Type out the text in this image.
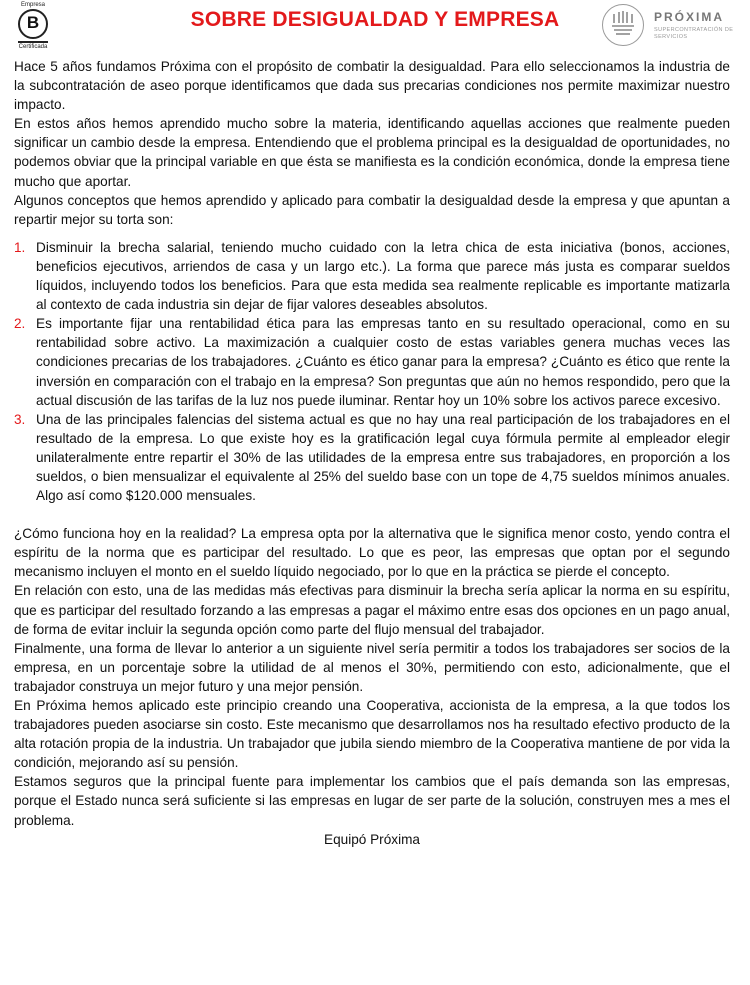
Empresa
B
Certificada
SOBRE DESIGUALDAD Y EMPRESA	PRÓXIMA
SUPERCONTRATACIÓN DE SERVICIOS

Hace 5 años fundamos Próxima con el propósito de combatir la desigualdad. Para ello seleccionamos la industria de la subcontratación de aseo porque identificamos que dada sus precarias condiciones nos permite maximizar nuestro impacto.

En estos años hemos aprendido mucho sobre la materia, identificando aquellas acciones que realmente pueden significar un cambio desde la empresa. Entendiendo que el problema principal es la desigualdad de oportunidades, no podemos obviar que la principal variable en que ésta se manifiesta es la condición económica, donde la empresa tiene mucho que aportar.

Algunos conceptos que hemos aprendido y aplicado para combatir la desigualdad desde la empresa y que apuntan a repartir mejor su torta son:

1. Disminuir la brecha salarial, teniendo mucho cuidado con la letra chica de esta iniciativa (bonos, acciones, beneficios ejecutivos, arriendos de casa y un largo etc.). La forma que parece más justa es comparar sueldos líquidos, incluyendo todos los beneficios. Para que esta medida sea realmente replicable es importante matizarla al contexto de cada industria sin dejar de fijar valores deseables absolutos.
2. Es importante fijar una rentabilidad ética para las empresas tanto en su resultado operacional, como en su rentabilidad sobre activo. La maximización a cualquier costo de estas variables genera muchas veces las condiciones precarias de los trabajadores. ¿Cuánto es ético ganar para la empresa? ¿Cuánto es ético que rente la inversión en comparación con el trabajo en la empresa? Son preguntas que aún no hemos respondido, pero que la actual discusión de las tarifas de la luz nos puede iluminar. Rentar hoy un 10% sobre los activos parece excesivo.
3. Una de las principales falencias del sistema actual es que no hay una real participación de los trabajadores en el resultado de la empresa. Lo que existe hoy es la gratificación legal cuya fórmula permite al empleador elegir unilateralmente entre repartir el 30% de las utilidades de la empresa entre sus trabajadores, en proporción a los sueldos, o bien mensualizar el equivalente al 25% del sueldo base con un tope de 4,75 sueldos mínimos anuales. Algo así como $120.000 mensuales.

¿Cómo funciona hoy en la realidad? La empresa opta por la alternativa que le significa menor costo, yendo contra el espíritu de la norma que es participar del resultado. Lo que es peor, las empresas que optan por el segundo mecanismo incluyen el monto en el sueldo líquido negociado, por lo que en la práctica se pierde el concepto.

En relación con esto, una de las medidas más efectivas para disminuir la brecha sería aplicar la norma en su espíritu, que es participar del resultado forzando a las empresas a pagar el máximo entre esas dos opciones en un pago anual, de forma de evitar incluir la segunda opción como parte del flujo mensual del trabajador.

Finalmente, una forma de llevar lo anterior a un siguiente nivel sería permitir a todos los trabajadores ser socios de la empresa, en un porcentaje sobre la utilidad de al menos el 30%, permitiendo con esto, adicionalmente, que el trabajador construya un mejor futuro y una mejor pensión.

En Próxima hemos aplicado este principio creando una Cooperativa, accionista de la empresa, a la que todos los trabajadores pueden asociarse sin costo. Este mecanismo que desarrollamos nos ha resultado efectivo producto de la alta rotación propia de la industria. Un trabajador que jubila siendo miembro de la Cooperativa mantiene de por vida la condición, mejorando así su pensión.

Estamos seguros que la principal fuente para implementar los cambios que el país demanda son las empresas, porque el Estado nunca será suficiente si las empresas en lugar de ser parte de la solución, construyen mes a mes el problema.

Equipó Próxima
